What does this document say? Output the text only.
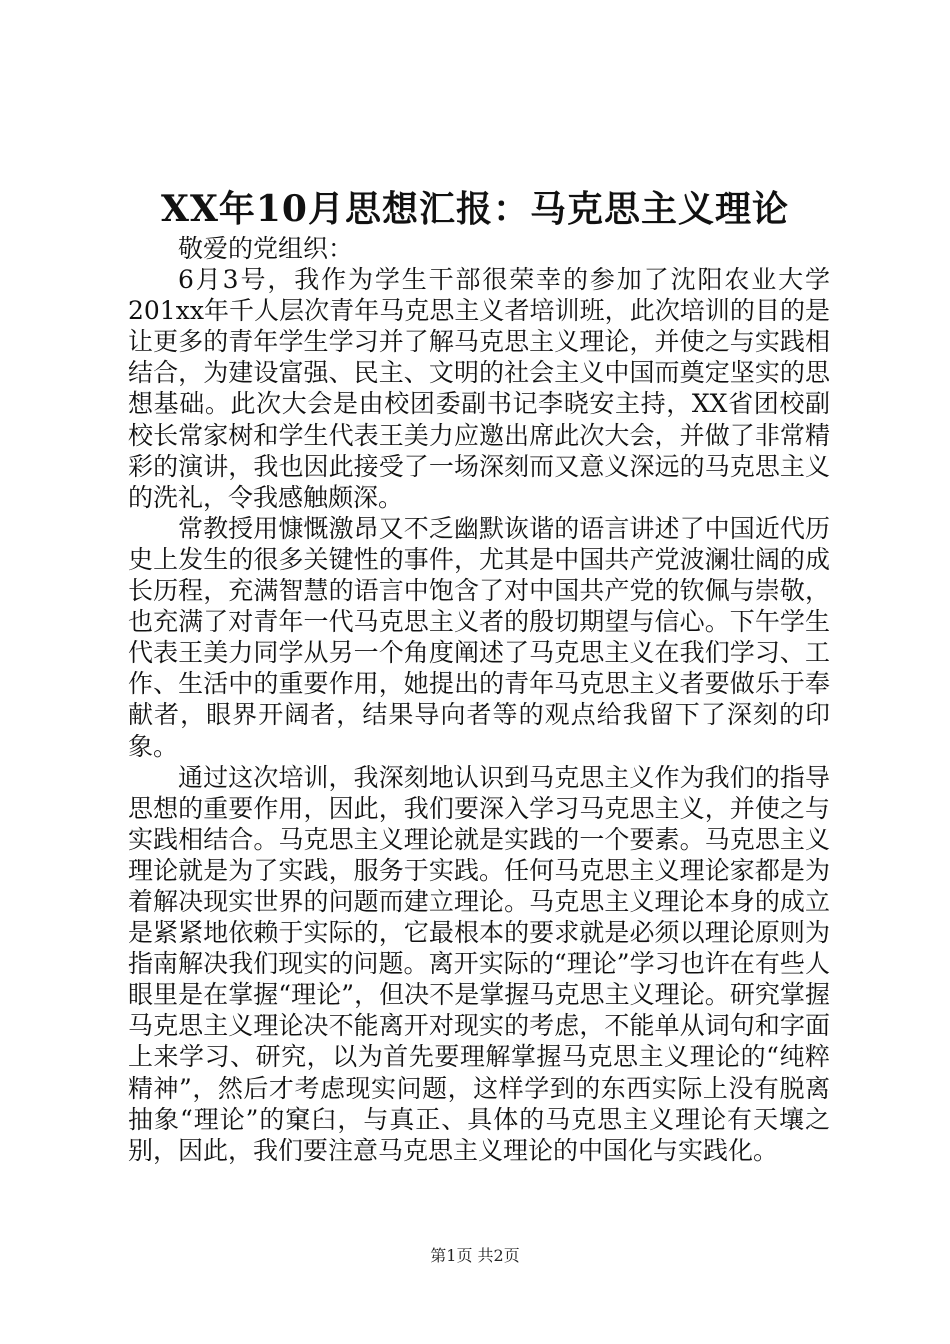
XX年10月思想汇报：马克思主义理论

敬爱的党组织：

6月3号，我作为学生干部很荣幸的参加了沈阳农业大学201xx年千人层次青年马克思主义者培训班，此次培训的目的是让更多的青年学生学习并了解马克思主义理论，并使之与实践相结合，为建设富强、民主、文明的社会主义中国而奠定坚实的思想基础。此次大会是由校团委副书记李晓安主持，XX省团校副校长常家树和学生代表王美力应邀出席此次大会，并做了非常精彩的演讲，我也因此接受了一场深刻而又意义深远的马克思主义的洗礼，令我感触颇深。

常教授用慷慨激昂又不乏幽默诙谐的语言讲述了中国近代历史上发生的很多关键性的事件，尤其是中国共产党波澜壮阔的成长历程，充满智慧的语言中饱含了对中国共产党的钦佩与崇敬，也充满了对青年一代马克思主义者的殷切期望与信心。下午学生代表王美力同学从另一个角度阐述了马克思主义在我们学习、工作、生活中的重要作用，她提出的青年马克思主义者要做乐于奉献者，眼界开阔者，结果导向者等的观点给我留下了深刻的印象。

通过这次培训，我深刻地认识到马克思主义作为我们的指导思想的重要作用，因此，我们要深入学习马克思主义，并使之与实践相结合。马克思主义理论就是实践的一个要素。马克思主义理论就是为了实践，服务于实践。任何马克思主义理论家都是为着解决现实世界的问题而建立理论。马克思主义理论本身的成立是紧紧地依赖于实际的，它最根本的要求就是必须以理论原则为指南解决我们现实的问题。离开实际的“理论”学习也许在有些人眼里是在掌握“理论”，但决不是掌握马克思主义理论。研究掌握马克思主义理论决不能离开对现实的考虑，不能单从词句和字面上来学习、研究，以为首先要理解掌握马克思主义理论的“纯粹精神”，然后才考虑现实问题，这样学到的东西实际上没有脱离抽象“理论”的窠臼，与真正、具体的马克思主义理论有天壤之别，因此，我们要注意马克思主义理论的中国化与实践化。

第1页 共2页
